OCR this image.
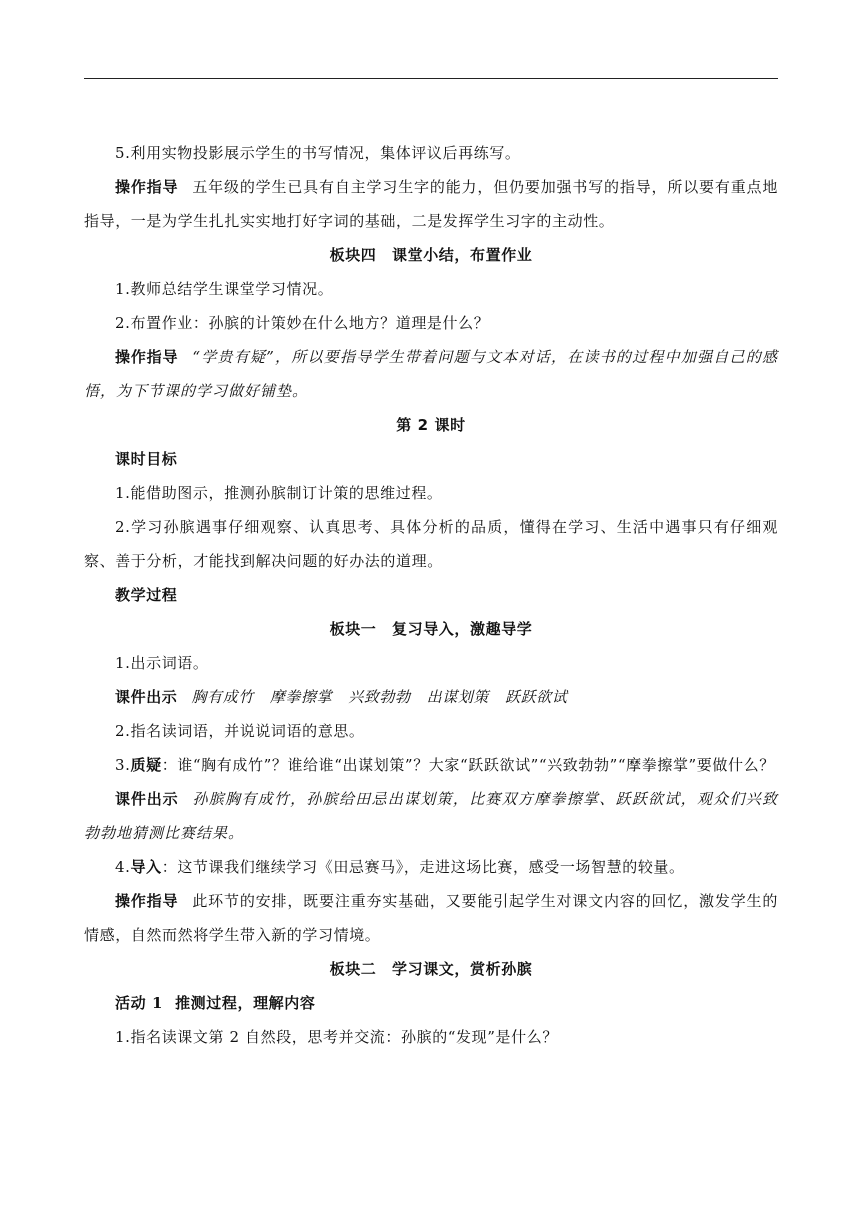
5.利用实物投影展示学生的书写情况，集体评议后再练写。

操作指导 五年级的学生已具有自主学习生字的能力，但仍要加强书写的指导，所以要有重点地指导，一是为学生扎扎实实地打好字词的基础，二是发挥学生习字的主动性。

板块四　课堂小结，布置作业

1.教师总结学生课堂学习情况。

2.布置作业：孙膑的计策妙在什么地方？道理是什么？

操作指导 “学贵有疑”，所以要指导学生带着问题与文本对话，在读书的过程中加强自己的感悟，为下节课的学习做好铺垫。

第 2 课时

课时目标

1.能借助图示，推测孙膑制订计策的思维过程。

2.学习孙膑遇事仔细观察、认真思考、具体分析的品质，懂得在学习、生活中遇事只有仔细观察、善于分析，才能找到解决问题的好办法的道理。

教学过程

板块一　复习导入，激趣导学

1.出示词语。

课件出示 胸有成竹 摩拳擦掌 兴致勃勃 出谋划策 跃跃欲试

2.指名读词语，并说说词语的意思。

3.质疑：谁“胸有成竹”？谁给谁“出谋划策”？大家“跃跃欲试”“兴致勃勃”“摩拳擦掌”要做什么？

课件出示 孙膑胸有成竹，孙膑给田忌出谋划策，比赛双方摩拳擦掌、跃跃欲试，观众们兴致勃勃地猜测比赛结果。

4.导入：这节课我们继续学习《田忌赛马》，走进这场比赛，感受一场智慧的较量。

操作指导 此环节的安排，既要注重夯实基础，又要能引起学生对课文内容的回忆，激发学生的情感，自然而然将学生带入新的学习情境。

板块二　学习课文，赏析孙膑

活动 1 推测过程，理解内容

1.指名读课文第 2 自然段，思考并交流：孙膑的“发现”是什么？
